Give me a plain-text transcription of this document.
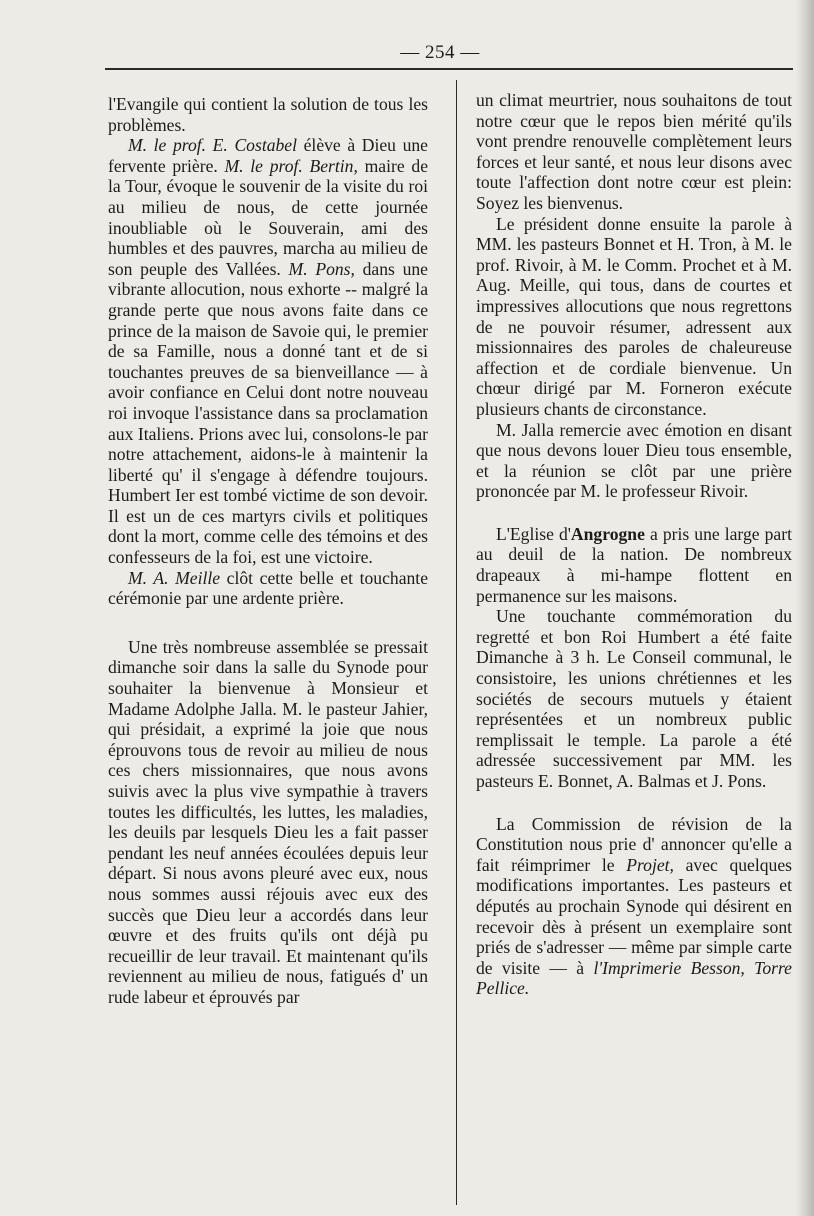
— 254 —

l'Evangile qui contient la solution de tous les problèmes.

M. le prof. E. Costabel élève à Dieu une fervente prière. M. le prof. Bertin, maire de la Tour, évoque le souvenir de la visite du roi au milieu de nous, de cette journée inoubliable où le Souverain, ami des humbles et des pauvres, marcha au milieu de son peuple des Vallées. M. Pons, dans une vibrante allocution, nous exhorte -- malgré la grande perte que nous avons faite dans ce prince de la maison de Savoie qui, le premier de sa Famille, nous a donné tant et de si touchantes preuves de sa bienveillance — à avoir confiance en Celui dont notre nouveau roi invoque l'assistance dans sa proclamation aux Italiens. Prions avec lui, consolons-le par notre attachement, aidons-le à maintenir la liberté qu' il s'engage à défendre toujours. Humbert Ier est tombé victime de son devoir. Il est un de ces martyrs civils et politiques dont la mort, comme celle des témoins et des confesseurs de la foi, est une victoire.

M. A. Meille clôt cette belle et touchante cérémonie par une ardente prière.

Une très nombreuse assemblée se pressait dimanche soir dans la salle du Synode pour souhaiter la bienvenue à Monsieur et Madame Adolphe Jalla. M. le pasteur Jahier, qui présidait, a exprimé la joie que nous éprouvons tous de revoir au milieu de nous ces chers missionnaires, que nous avons suivis avec la plus vive sympathie à travers toutes les difficultés, les luttes, les maladies, les deuils par lesquels Dieu les a fait passer pendant les neuf années écoulées depuis leur départ. Si nous avons pleuré avec eux, nous nous sommes aussi réjouis avec eux des succès que Dieu leur a accordés dans leur œuvre et des fruits qu'ils ont déjà pu recueillir de leur travail. Et maintenant qu'ils reviennent au milieu de nous, fatigués d' un rude labeur et éprouvés par

un climat meurtrier, nous souhaitons de tout notre cœur que le repos bien mérité qu'ils vont prendre renouvelle complètement leurs forces et leur santé, et nous leur disons avec toute l'affection dont notre cœur est plein: Soyez les bienvenus.

Le président donne ensuite la parole à MM. les pasteurs Bonnet et H. Tron, à M. le prof. Rivoir, à M. le Comm. Prochet et à M. Aug. Meille, qui tous, dans de courtes et impressives allocutions que nous regrettons de ne pouvoir résumer, adressent aux missionnaires des paroles de chaleureuse affection et de cordiale bienvenue. Un chœur dirigé par M. Forneron exécute plusieurs chants de circonstance.

M. Jalla remercie avec émotion en disant que nous devons louer Dieu tous ensemble, et la réunion se clôt par une prière prononcée par M. le professeur Rivoir.

L'Eglise d'Angrogne a pris une large part au deuil de la nation. De nombreux drapeaux à mi-hampe flottent en permanence sur les maisons.

Une touchante commémoration du regretté et bon Roi Humbert a été faite Dimanche à 3 h. Le Conseil communal, le consistoire, les unions chrétiennes et les sociétés de secours mutuels y étaient représentées et un nombreux public remplissait le temple. La parole a été adressée successivement par MM. les pasteurs E. Bonnet, A. Balmas et J. Pons.

La Commission de révision de la Constitution nous prie d' annoncer qu'elle a fait réimprimer le Projet, avec quelques modifications importantes. Les pasteurs et députés au prochain Synode qui désirent en recevoir dès à présent un exemplaire sont priés de s'adresser — même par simple carte de visite — à l'Imprimerie Besson, Torre Pellice.
